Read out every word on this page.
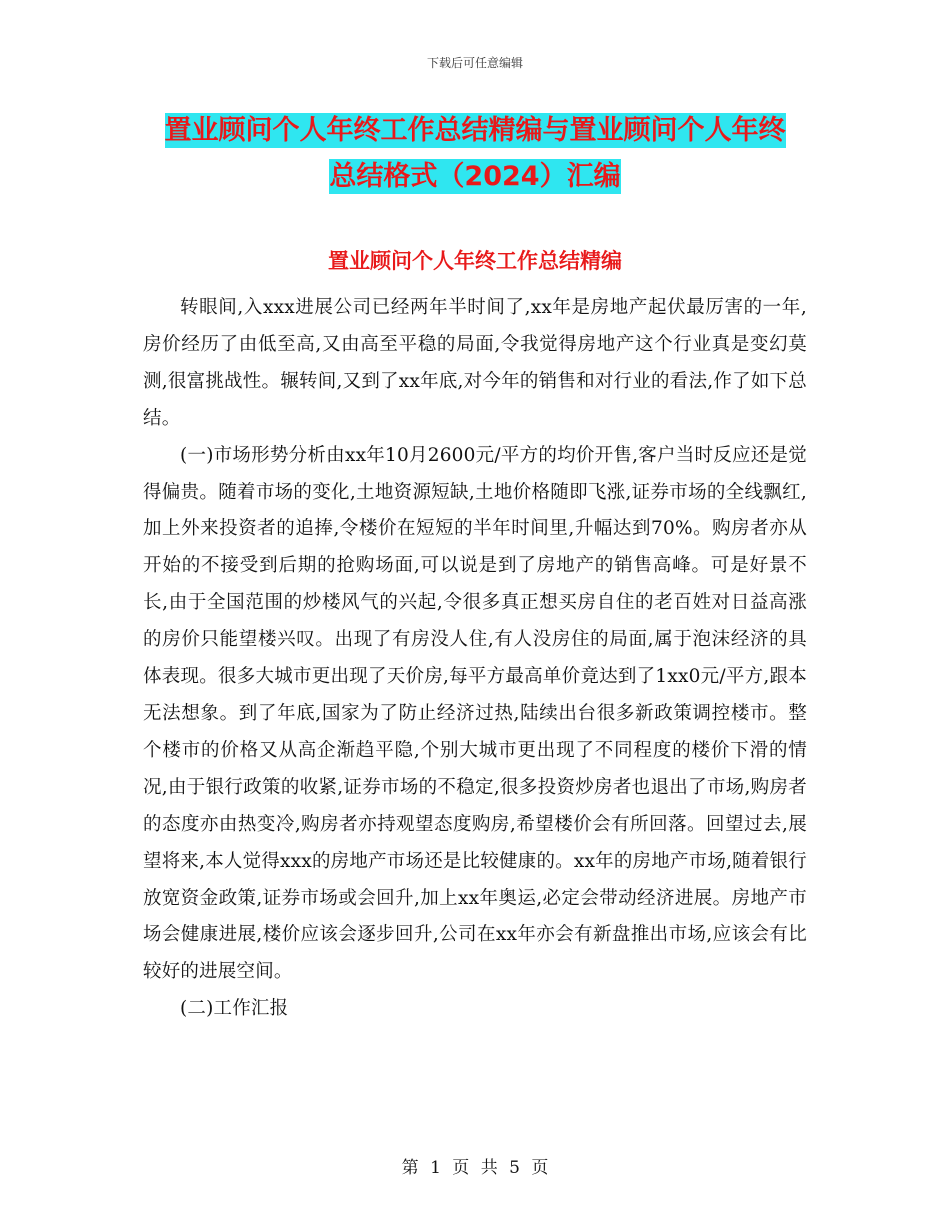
下载后可任意编辑
置业顾问个人年终工作总结精编与置业顾问个人年终
总结格式（2024）汇编
置业顾问个人年终工作总结精编

转眼间,入xxx进展公司已经两年半时间了,xx年是房地产起伏最厉害的一年,房价经历了由低至高,又由高至平稳的局面,令我觉得房地产这个行业真是变幻莫测,很富挑战性。辗转间,又到了xx年底,对今年的销售和对行业的看法,作了如下总结。

(一)市场形势分析由xx年10月2600元/平方的均价开售,客户当时反应还是觉得偏贵。随着市场的变化,土地资源短缺,土地价格随即飞涨,证券市场的全线飘红,加上外来投资者的追捧,令楼价在短短的半年时间里,升幅达到70%。购房者亦从开始的不接受到后期的抢购场面,可以说是到了房地产的销售高峰。可是好景不长,由于全国范围的炒楼风气的兴起,令很多真正想买房自住的老百姓对日益高涨的房价只能望楼兴叹。出现了有房没人住,有人没房住的局面,属于泡沫经济的具体表现。很多大城市更出现了天价房,每平方最高单价竟达到了1xx0元/平方,跟本无法想象。到了年底,国家为了防止经济过热,陆续出台很多新政策调控楼市。整个楼市的价格又从高企渐趋平隐,个别大城市更出现了不同程度的楼价下滑的情况,由于银行政策的收紧,证券市场的不稳定,很多投资炒房者也退出了市场,购房者的态度亦由热变冷,购房者亦持观望态度购房,希望楼价会有所回落。回望过去,展望将来,本人觉得xxx的房地产市场还是比较健康的。xx年的房地产市场,随着银行放宽资金政策,证券市场或会回升,加上xx年奥运,必定会带动经济进展。房地产市场会健康进展,楼价应该会逐步回升,公司在xx年亦会有新盘推出市场,应该会有比较好的进展空间。

(二)工作汇报

第 1 页 共 5 页
